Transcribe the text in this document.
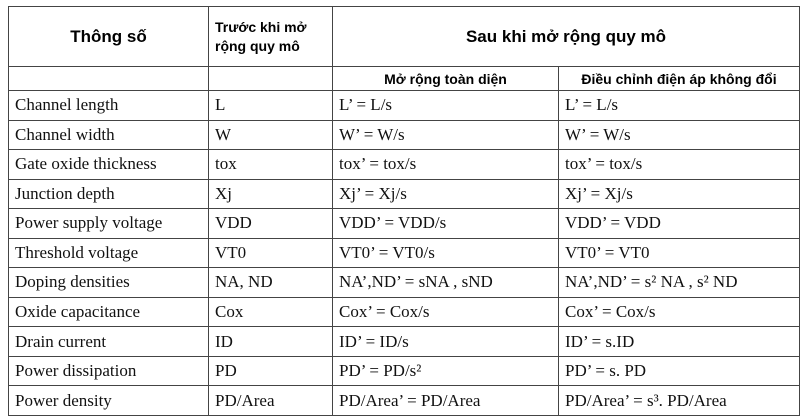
Thông số	Trước khi mở rộng quy mô	Sau khi mở rộng quy mô	
		Mở rộng toàn diện	Điều chỉnh điện áp không đổi
Channel length	L	L’ = L/s	L’ = L/s
Channel width	W	W’ = W/s	W’ = W/s
Gate oxide thickness	tox	tox’ = tox/s	tox’ = tox/s
Junction depth	Xj	Xj’ = Xj/s	Xj’ = Xj/s
Power supply voltage	VDD	VDD’ = VDD/s	VDD’ = VDD
Threshold voltage	VT0	VT0’ = VT0/s	VT0’ = VT0
Doping densities	NA, ND	NA’,ND’ = sNA , sND	NA’,ND’ = s² NA , s² ND
Oxide capacitance	Cox	Cox’ = Cox/s	Cox’ = Cox/s
Drain current	ID	ID’ = ID/s	ID’ = s.ID
Power dissipation	PD	PD’ = PD/s²	PD’ = s. PD
Power density	PD/Area	PD/Area’ = PD/Area	PD/Area’ = s³. PD/Area
